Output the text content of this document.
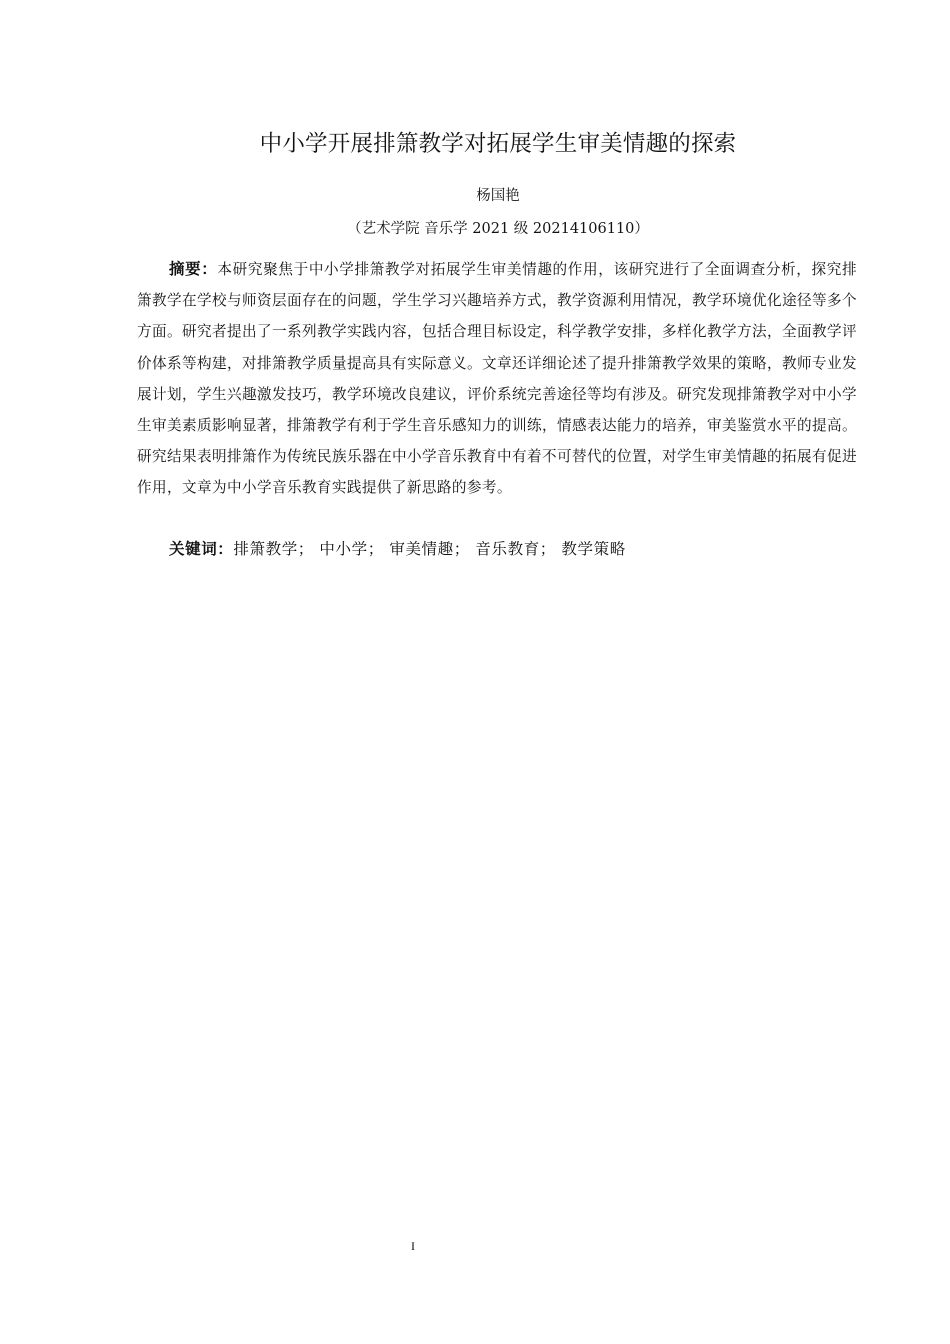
中小学开展排箫教学对拓展学生审美情趣的探索
杨国艳
（艺术学院 音乐学 2021 级 20214106110）

摘要：本研究聚焦于中小学排箫教学对拓展学生审美情趣的作用，该研究进行了全面调查分析，探究排箫教学在学校与师资层面存在的问题，学生学习兴趣培养方式，教学资源利用情况，教学环境优化途径等多个方面。研究者提出了一系列教学实践内容，包括合理目标设定，科学教学安排，多样化教学方法，全面教学评价体系等构建，对排箫教学质量提高具有实际意义。文章还详细论述了提升排箫教学效果的策略，教师专业发展计划，学生兴趣激发技巧，教学环境改良建议，评价系统完善途径等均有涉及。研究发现排箫教学对中小学生审美素质影响显著，排箫教学有利于学生音乐感知力的训练，情感表达能力的培养，审美鉴赏水平的提高。研究结果表明排箫作为传统民族乐器在中小学音乐教育中有着不可替代的位置，对学生审美情趣的拓展有促进作用，文章为中小学音乐教育实践提供了新思路的参考。

关键词：排箫教学； 中小学； 审美情趣； 音乐教育； 教学策略

I
